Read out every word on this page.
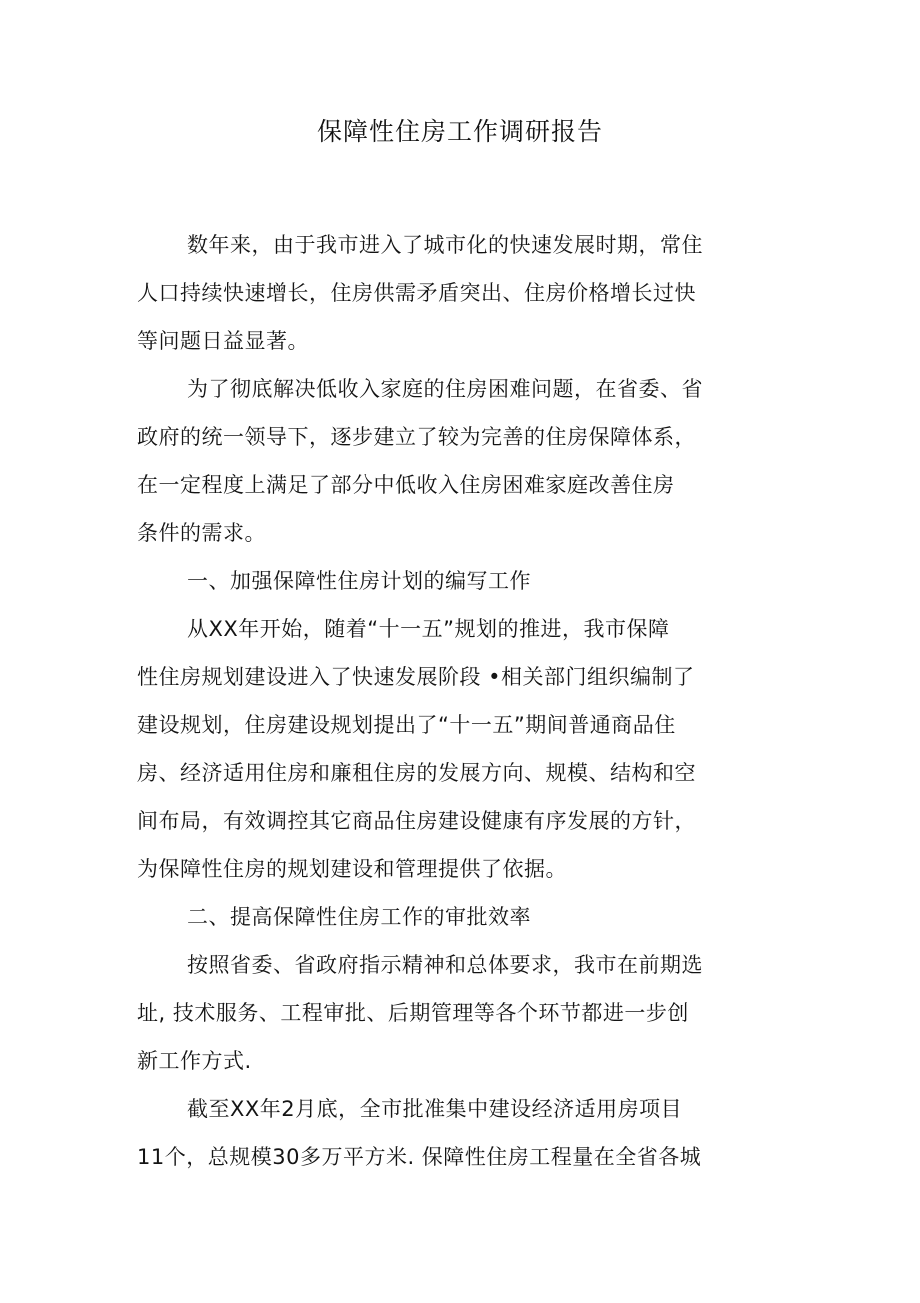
保障性住房工作调研报告
数年来，由于我市进入了城市化的快速发展时期，常住
人口持续快速增长，住房供需矛盾突出、住房价格增长过快
等问题日益显著。
为了彻底解决低收入家庭的住房困难问题，在省委、省
政府的统一领导下，逐步建立了较为完善的住房保障体系，
在一定程度上满足了部分中低收入住房困难家庭改善住房
条件的需求。
一、加强保障性住房计划的编写工作
从XX年开始，随着“十一五”规划的推进，我市保障
性住房规划建设进入了快速发展阶段 •相关部门组织编制了
建设规划，住房建设规划提出了“十一五”期间普通商品住
房、经济适用住房和廉租住房的发展方向、规模、结构和空
间布局，有效调控其它商品住房建设健康有序发展的方针，
为保障性住房的规划建设和管理提供了依据。
二、提高保障性住房工作的审批效率
按照省委、省政府指示精神和总体要求，我市在前期选
址, 技术服务、工程审批、后期管理等各个环节都进一步创
新工作方式.
截至XX年2月底，全市批准集中建设经济适用房项目
11个，总规模30多万平方米. 保障性住房工程量在全省各城
